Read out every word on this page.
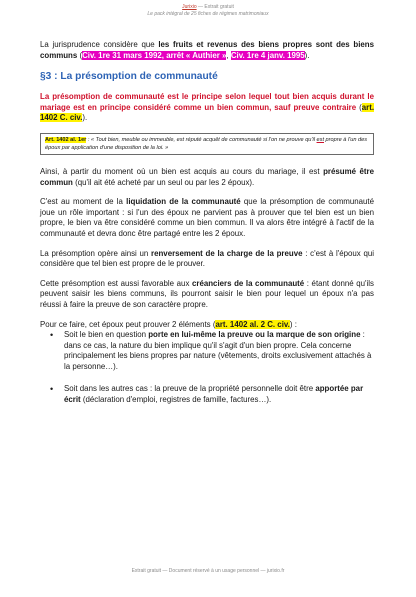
Jurixio — Extrait gratuit
Le pack intégral de 25 fiches de régimes matrimoniaux

La jurisprudence considère que les fruits et revenus des biens propres sont des biens communs (Civ. 1re 31 mars 1992, arrêt « Authier », Civ. 1re 4 janv. 1995).

§3 : La présomption de communauté

La présomption de communauté est le principe selon lequel tout bien acquis durant le mariage est en principe considéré comme un bien commun, sauf preuve contraire (art. 1402 C. civ.).

Art. 1402 al. 1er : « Tout bien, meuble ou immeuble, est réputé acquêt de communauté si l'on ne prouve qu'il est propre à l'un des époux par application d'une disposition de la loi. »

Ainsi, à partir du moment où un bien est acquis au cours du mariage, il est présumé être commun (qu'il ait été acheté par un seul ou par les 2 époux).

C'est au moment de la liquidation de la communauté que la présomption de communauté joue un rôle important : si l'un des époux ne parvient pas à prouver que tel bien est un bien propre, le bien va être considéré comme un bien commun. Il va alors être intégré à l'actif de la communauté et devra donc être partagé entre les 2 époux.

La présomption opère ainsi un renversement de la charge de la preuve : c'est à l'époux qui considère que tel bien est propre de le prouver.

Cette présomption est aussi favorable aux créanciers de la communauté : étant donné qu'ils peuvent saisir les biens communs, ils pourront saisir le bien pour lequel un époux n'a pas réussi à faire la preuve de son caractère propre.

Pour ce faire, cet époux peut prouver 2 éléments (art. 1402 al. 2 C. civ.) :

• Soit le bien en question porte en lui-même la preuve ou la marque de son origine : dans ce cas, la nature du bien implique qu'il s'agit d'un bien propre. Cela concerne principalement les biens propres par nature (vêtements, droits exclusivement attachés à la personne…).
• Soit dans les autres cas : la preuve de la propriété personnelle doit être apportée par écrit (déclaration d'emploi, registres de famille, factures…).
Extrait gratuit — Document réservé à un usage personnel — jurixio.fr
